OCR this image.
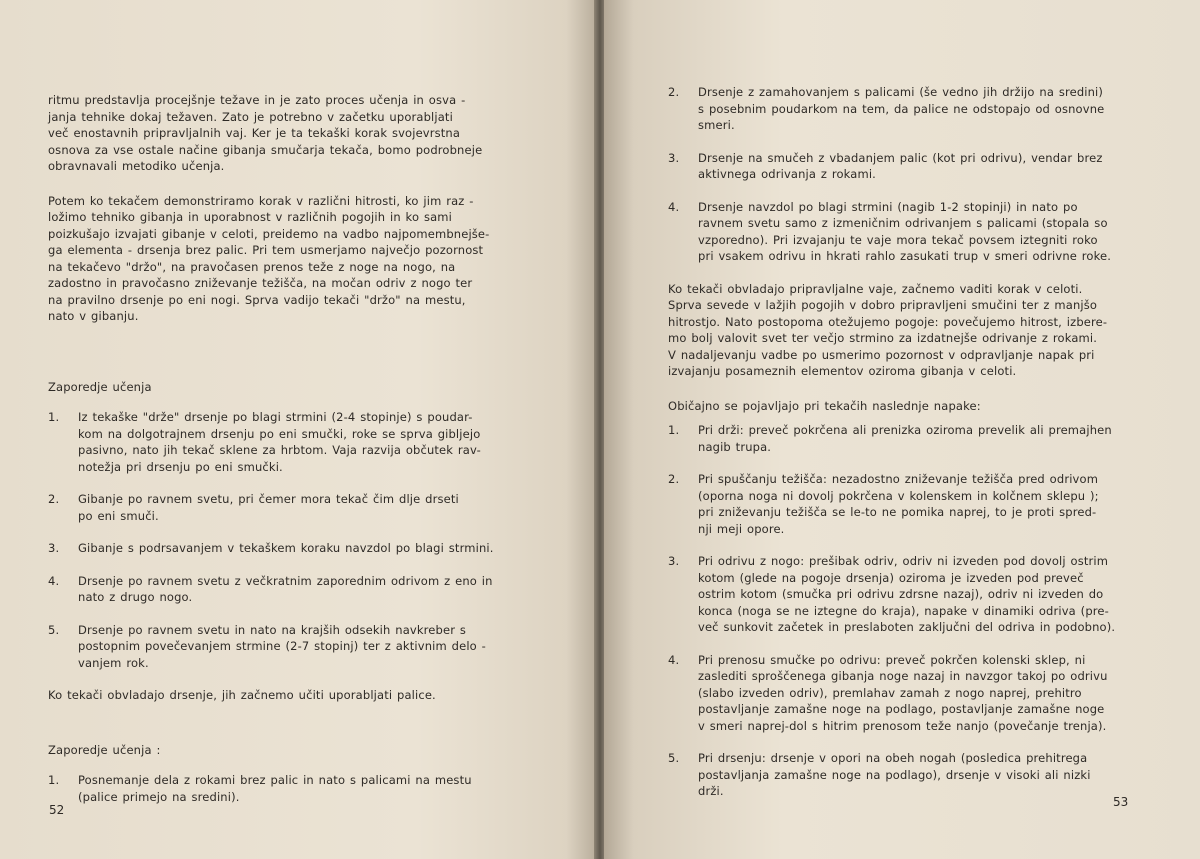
ritmu predstavlja procejšnje težave in je zato proces učenja in osva -
janja tehnike dokaj težaven. Zato je potrebno v začetku uporabljati
več enostavnih pripravljalnih vaj. Ker je ta tekaški korak svojevrstna
osnova za vse ostale načine gibanja smučarja tekača, bomo podrobneje
obravnavali metodiko učenja.

Potem ko tekačem demonstriramo korak v različni hitrosti, ko jim raz -
ložimo tehniko gibanja in uporabnost v različnih pogojih in ko sami
poizkušajo izvajati gibanje v celoti, preidemo na vadbo najpomembnejše-
ga elementa - drsenja brez palic. Pri tem usmerjamo največjo pozornost
na tekačevo "držo", na pravočasen prenos teže z noge na nogo, na
zadostno in pravočasno zniževanje težišča, na močan odriv z nogo ter
na pravilno drsenje po eni nogi. Sprva vadijo tekači "držo" na mestu,
nato v gibanju.

Zaporedje učenja

1.	Iz tekaške "drže" drsenje po blagi strmini (2-4 stopinje) s poudar-
kom na dolgotrajnem drsenju po eni smučki, roke se sprva gibljejo
pasivno, nato jih tekač sklene za hrbtom. Vaja razvija občutek rav-
notežja pri drsenju po eni smučki.
2.	Gibanje po ravnem svetu, pri čemer mora tekač čim dlje drseti
po eni smuči.
3.	Gibanje s podrsavanjem v tekaškem koraku navzdol po blagi strmini.
4.	Drsenje po ravnem svetu z večkratnim zaporednim odrivom z eno in
nato z drugo nogo.
5.	Drsenje po ravnem svetu in nato na krajših odsekih navkreber s
postopnim povečevanjem strmine (2-7 stopinj) ter z aktivnim delo -
vanjem rok.

Ko tekači obvladajo drsenje, jih začnemo učiti uporabljati palice.

Zaporedje učenja :

1.	Posnemanje dela z rokami brez palic in nato s palicami na mestu
(palice primejo na sredini).
52
2.	Drsenje z zamahovanjem s palicami (še vedno jih držijo na sredini)
s posebnim poudarkom na tem, da palice ne odstopajo od osnovne
smeri.
3.	Drsenje na smučeh z vbadanjem palic (kot pri odrivu), vendar brez
aktivnega odrivanja z rokami.
4.	Drsenje navzdol po blagi strmini (nagib 1-2 stopinji) in nato po
ravnem svetu samo z izmeničnim odrivanjem s palicami (stopala so
vzporedno). Pri izvajanju te vaje mora tekač povsem iztegniti roko
pri vsakem odrivu in hkrati rahlo zasukati trup v smeri odrivne roke.

Ko tekači obvladajo pripravljalne vaje, začnemo vaditi korak v celoti.
Sprva sevede v lažjih pogojih v dobro pripravljeni smučini ter z manjšo
hitrostjo. Nato postopoma otežujemo pogoje: povečujemo hitrost, izbere-
mo bolj valovit svet ter večjo strmino za izdatnejše odrivanje z rokami.
V nadaljevanju vadbe po usmerimo pozornost v odpravljanje napak pri
izvajanju posameznih elementov oziroma gibanja v celoti.

Običajno se pojavljajo pri tekačih naslednje napake:

1.	Pri drži: preveč pokrčena ali prenizka oziroma prevelik ali premajhen
nagib trupa.
2.	Pri spuščanju težišča: nezadostno zniževanje težišča pred odrivom
(oporna noga ni dovolj pokrčena v kolenskem in kolčnem sklepu );
pri zniževanju težišča se le-to ne pomika naprej, to je proti spred-
nji meji opore.
3.	Pri odrivu z nogo: prešibak odriv, odriv ni izveden pod dovolj ostrim
kotom (glede na pogoje drsenja) oziroma je izveden pod preveč
ostrim kotom (smučka pri odrivu zdrsne nazaj), odriv ni izveden do
konca (noga se ne iztegne do kraja), napake v dinamiki odriva (pre-
več sunkovit začetek in preslaboten zaključni del odriva in podobno).
4.	Pri prenosu smučke po odrivu: preveč pokrčen kolenski sklep, ni
zaslediti sproščenega gibanja noge nazaj in navzgor takoj po odrivu
(slabo izveden odriv), premlahav zamah z nogo naprej, prehitro
postavljanje zamašne noge na podlago, postavljanje zamašne noge
v smeri naprej-dol s hitrim prenosom teže nanjo (povečanje trenja).
5.	Pri drsenju: drsenje v opori na obeh nogah (posledica prehitrega
postavljanja zamašne noge na podlago), drsenje v visoki ali nizki
drži.
53
